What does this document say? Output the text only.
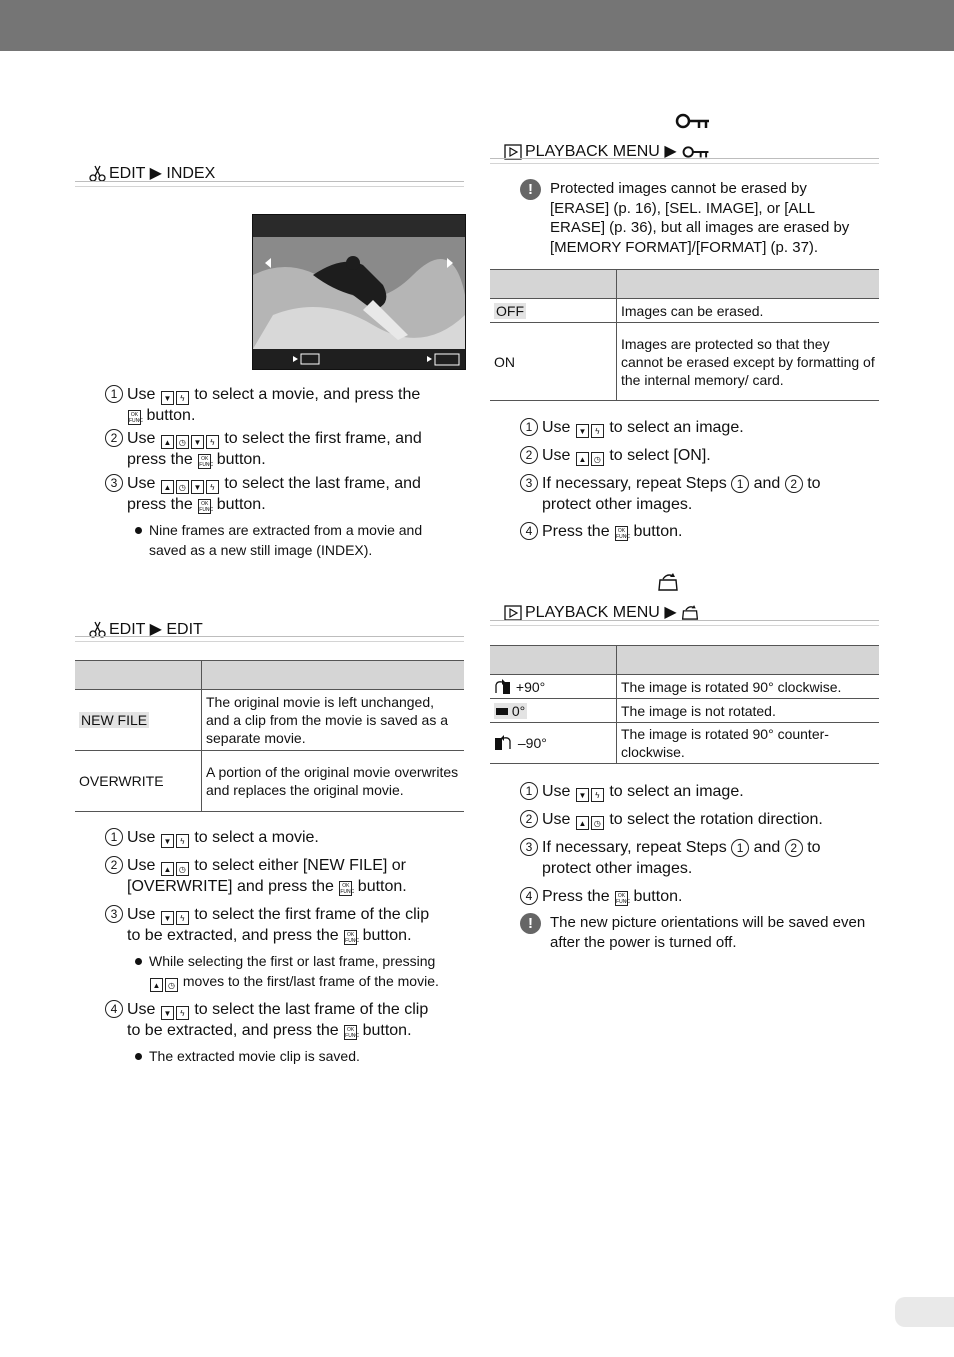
EDIT ▶ INDEX
1 Use ▼ ϟ to select a movie, and press the
OK
FUNC button.
2 Use ▲ ◷ ▼ ϟ to select the first frame, and
press the OK
FUNC button.
3 Use ▲ ◷ ▼ ϟ to select the last frame, and
press the OK
FUNC button.
Nine frames are extracted from a movie and saved as a new still image (INDEX).
EDIT ▶ EDIT

NEW FILE	The original movie is left unchanged, and a clip from the movie is saved as a separate movie.
OVERWRITE	A portion of the original movie overwrites and replaces the original movie.
1 Use ▼ ϟ to select a movie.
2 Use ▲ ◷ to select either [NEW FILE] or
[OVERWRITE] and press the OK
FUNC button.
3 Use ▼ ϟ to select the first frame of the clip
to be extracted, and press the OK
FUNC button.
While selecting the first or last frame, pressing
▲ ◷ moves to the first/last frame of the movie.
4 Use ▼ ϟ to select the last frame of the clip
to be extracted, and press the OK
FUNC button.
The extracted movie clip is saved.
PLAYBACK MENU ▶
!	Protected images cannot be erased by [ERASE] (p. 16), [SEL. IMAGE], or [ALL ERASE] (p. 36), but all images are erased by [MEMORY FORMAT]/[FORMAT] (p. 37).

OFF	Images can be erased.
ON	Images are protected so that they cannot be erased except by formatting of the internal memory/ card.
1 Use ▼ ϟ to select an image.
2 Use ▲ ◷ to select [ON].
3 If necessary, repeat Steps 1 and 2 to
protect other images.
4 Press the OK
FUNC button.
PLAYBACK MENU ▶

+90°	The image is rotated 90° clockwise.
0°	The image is not rotated.
–90°	The image is rotated 90° counter-clockwise.
1 Use ▼ ϟ to select an image.
2 Use ▲ ◷ to select the rotation direction.
3 If necessary, repeat Steps 1 and 2 to
protect other images.
4 Press the OK
FUNC button.
!	The new picture orientations will be saved even after the power is turned off.
